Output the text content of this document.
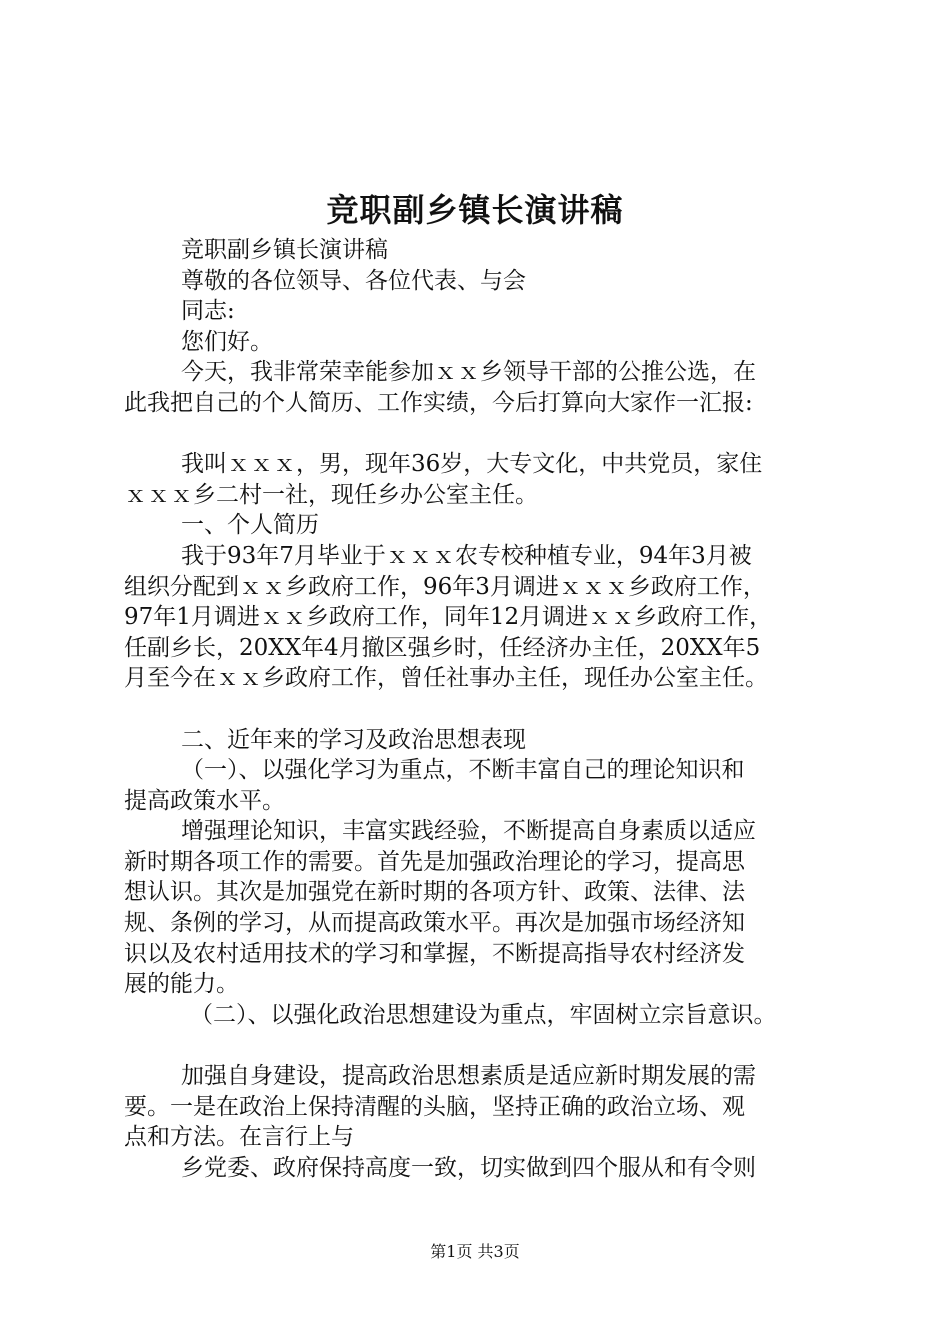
竞职副乡镇长演讲稿
竞职副乡镇长演讲稿
尊敬的各位领导、各位代表、与会
同志:
您们好。
今天，我非常荣幸能参加ｘｘ乡领导干部的公推公选，在
此我把自己的个人简历、工作实绩，今后打算向大家作一汇报:
我叫ｘｘｘ，男，现年36岁，大专文化，中共党员，家住
ｘｘｘ乡二村一社，现任乡办公室主任。
一、个人简历
我于93年7月毕业于ｘｘｘ农专校种植专业，94年3月被
组织分配到ｘｘ乡政府工作，96年3月调进ｘｘｘ乡政府工作，
97年1月调进ｘｘ乡政府工作，同年12月调进ｘｘ乡政府工作，
任副乡长，20XX年4月撤区强乡时，任经济办主任，20XX年5
月至今在ｘｘ乡政府工作，曾任社事办主任，现任办公室主任。
二、近年来的学习及政治思想表现
（一）、以强化学习为重点，不断丰富自己的理论知识和
提高政策水平。
增强理论知识，丰富实践经验，不断提高自身素质以适应
新时期各项工作的需要。首先是加强政治理论的学习，提高思
想认识。其次是加强党在新时期的各项方针、政策、法律、法
规、条例的学习，从而提高政策水平。再次是加强市场经济知
识以及农村适用技术的学习和掌握，不断提高指导农村经济发
展的能力。
（二）、以强化政治思想建设为重点，牢固树立宗旨意识。
加强自身建设，提高政治思想素质是适应新时期发展的需
要。一是在政治上保持清醒的头脑，坚持正确的政治立场、观
点和方法。在言行上与
乡党委、政府保持高度一致，切实做到四个服从和有令则
第1页 共3页
